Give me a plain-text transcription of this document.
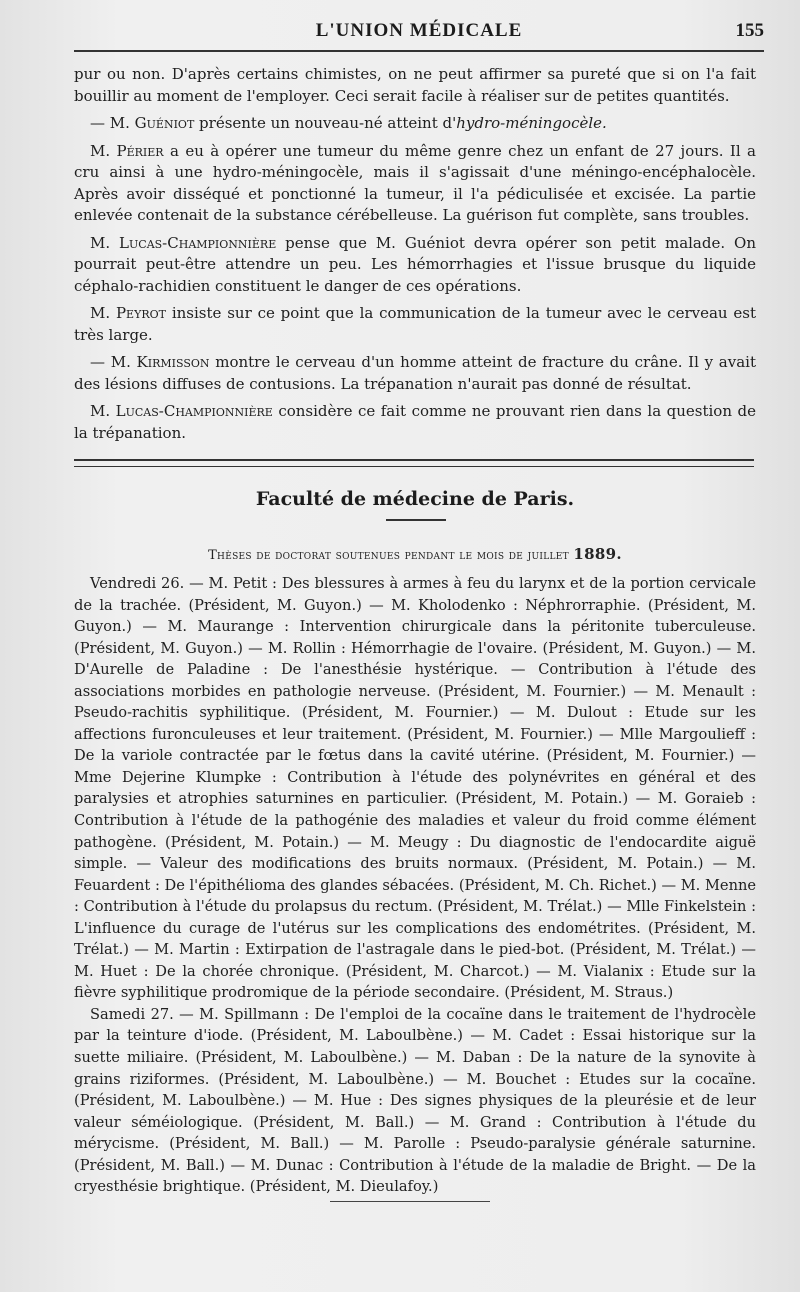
L'UNION MÉDICALE	155

pur ou non. D'après certains chimistes, on ne peut affirmer sa pureté que si on l'a fait bouillir au moment de l'employer. Ceci serait facile à réaliser sur de petites quantités.

— M. Guéniot présente un nouveau-né atteint d'hydro-méningocèle.

M. Périer a eu à opérer une tumeur du même genre chez un enfant de 27 jours. Il a cru ainsi à une hydro-méningocèle, mais il s'agissait d'une méningo-encéphalocèle. Après avoir disséqué et ponctionné la tumeur, il l'a pédiculisée et excisée. La partie enlevée contenait de la substance cérébelleuse. La guérison fut complète, sans troubles.

M. Lucas-Championnière pense que M. Guéniot devra opérer son petit malade. On pourrait peut-être attendre un peu. Les hémorrhagies et l'issue brusque du liquide céphalo-rachidien constituent le danger de ces opérations.

M. Peyrot insiste sur ce point que la communication de la tumeur avec le cerveau est très large.

— M. Kirmisson montre le cerveau d'un homme atteint de fracture du crâne. Il y avait des lésions diffuses de contusions. La trépanation n'aurait pas donné de résultat.

M. Lucas-Championnière considère ce fait comme ne prouvant rien dans la question de la trépanation.

Faculté de médecine de Paris.
Thèses de doctorat soutenues pendant le mois de juillet 1889.

Vendredi 26. — M. Petit : Des blessures à armes à feu du larynx et de la portion cervicale de la trachée. (Président, M. Guyon.) — M. Kholodenko : Néphrorraphie. (Président, M. Guyon.) — M. Maurange : Intervention chirurgicale dans la péritonite tuberculeuse. (Président, M. Guyon.) — M. Rollin : Hémorrhagie de l'ovaire. (Président, M. Guyon.) — M. D'Aurelle de Paladine : De l'anesthésie hystérique. — Contribution à l'étude des associations morbides en pathologie nerveuse. (Président, M. Fournier.) — M. Menault : Pseudo-rachitis syphilitique. (Président, M. Fournier.) — M. Dulout : Etude sur les affections furonculeuses et leur traitement. (Président, M. Fournier.) — Mlle Margoulieff : De la variole contractée par le fœtus dans la cavité utérine. (Président, M. Fournier.) — Mme Dejerine Klumpke : Contribution à l'étude des polynévrites en général et des paralysies et atrophies saturnines en particulier. (Président, M. Potain.) — M. Goraieb : Contribution à l'étude de la pathogénie des maladies et valeur du froid comme élément pathogène. (Président, M. Potain.) — M. Meugy : Du diagnostic de l'endocardite aiguë simple. — Valeur des modifications des bruits normaux. (Président, M. Potain.) — M. Feuardent : De l'épithélioma des glandes sébacées. (Président, M. Ch. Richet.) — M. Menne : Contribution à l'étude du prolapsus du rectum. (Président, M. Trélat.) — Mlle Finkelstein : L'influence du curage de l'utérus sur les complications des endométrites. (Président, M. Trélat.) — M. Martin : Extirpation de l'astragale dans le pied-bot. (Président, M. Trélat.) — M. Huet : De la chorée chronique. (Président, M. Charcot.) — M. Vialanix : Etude sur la fièvre syphilitique prodromique de la période secondaire. (Président, M. Straus.)

Samedi 27. — M. Spillmann : De l'emploi de la cocaïne dans le traitement de l'hydrocèle par la teinture d'iode. (Président, M. Laboulbène.) — M. Cadet : Essai historique sur la suette miliaire. (Président, M. Laboulbène.) — M. Daban : De la nature de la synovite à grains riziformes. (Président, M. Laboulbène.) — M. Bouchet : Etudes sur la cocaïne. (Président, M. Laboulbène.) — M. Hue : Des signes physiques de la pleurésie et de leur valeur séméiologique. (Président, M. Ball.) — M. Grand : Contribution à l'étude du mérycisme. (Président, M. Ball.) — M. Parolle : Pseudo-paralysie générale saturnine. (Président, M. Ball.) — M. Dunac : Contribution à l'étude de la maladie de Bright. — De la cryesthésie brightique. (Président, M. Dieulafoy.)
